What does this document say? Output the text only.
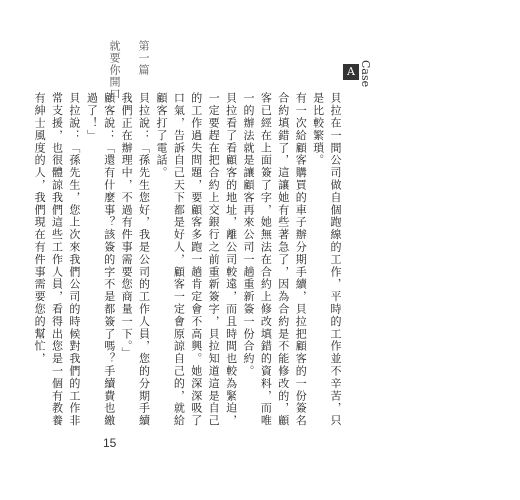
第一篇
就要你開口	Case
A

貝拉在一間公司做自個跑線的工作，平時的工作並不辛苦，只是比較繁瑣。

有一次給顧客購買的車子辦分期手續，貝拉把顧客的一份簽名合約填錯了，這讓她有些著急了，因為合約是不能修改的，顧客已經在上面簽了字，她無法在合約上修改填錯的資料，而唯一的辦法就是讓顧客再來公司一趟重新簽一份合約。

貝拉看了看顧客的地址，離公司較遠，而且時間也較為緊迫，一定要趕在把合約上交銀行之前重新簽字，貝拉知道這是自己的工作過失問題，要顧客多跑一趟肯定會不高興。她深深吸了口氣，告訴自己天下都是好人，顧客一定會原諒自己的，就給顧客打了電話。

貝拉說：「孫先生您好，我是公司的工作人員，您的分期手續我們正在辦理中，不過有件事需要您商量一下。」

顧客說：「還有什麼事？該簽的字不是都簽了嗎？手續費也繳過了！」

貝拉說：「孫先生，您上次來我們公司的時候對我們的工作非常支援，也很體諒我們這些工作人員，看得出您是一個有教養有紳士風度的人，我們現在有件事需要您的幫忙，

15
